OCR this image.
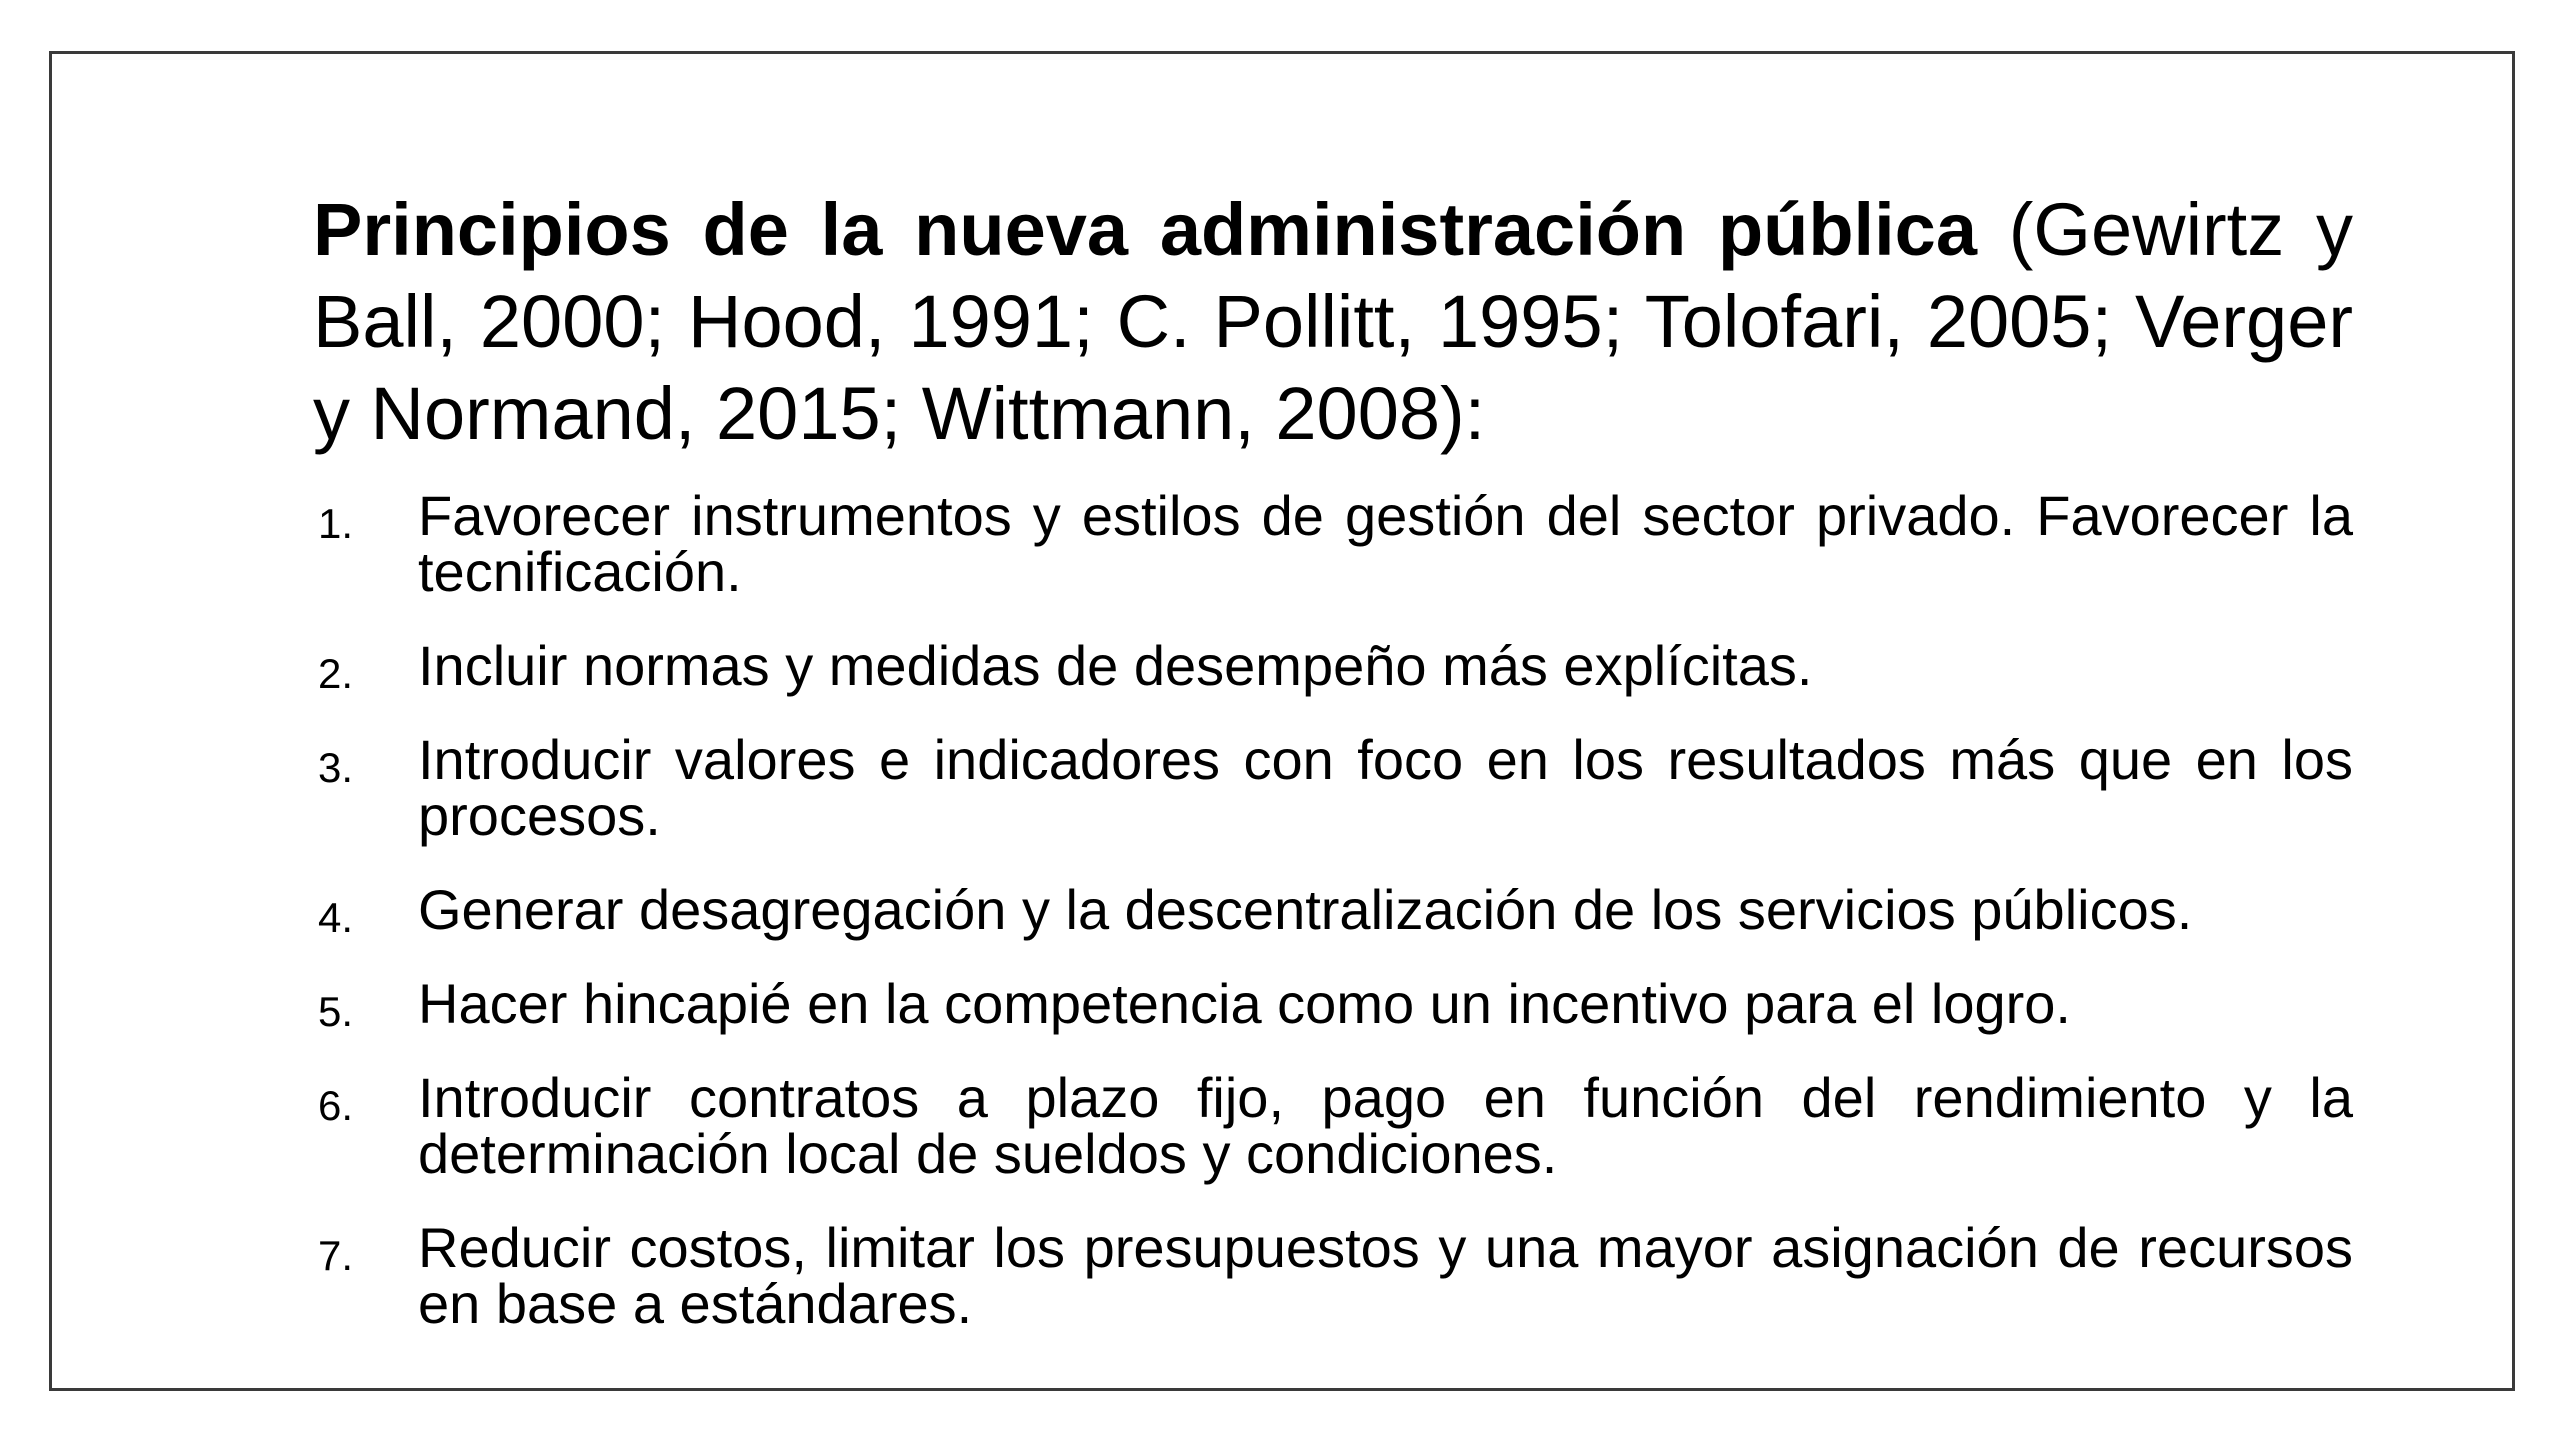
Principios de la nueva administración pública (Gewirtz y Ball, 2000; Hood, 1991; C. Pollitt, 1995; Tolofari, 2005; Verger y Normand, 2015; Wittmann, 2008):

1. Favorecer instrumentos y estilos de gestión del sector privado. Favorecer la tecnificación.
2. Incluir normas y medidas de desempeño más explícitas.
3. Introducir valores e indicadores con foco en los resultados más que en los procesos.
4. Generar desagregación y la descentralización de los servicios públicos.
5. Hacer hincapié en la competencia como un incentivo para el logro.
6. Introducir contratos a plazo fijo, pago en función del rendimiento y la determinación local de sueldos y condiciones.
7. Reducir costos, limitar los presupuestos y una mayor asignación de recursos en base a estándares.
